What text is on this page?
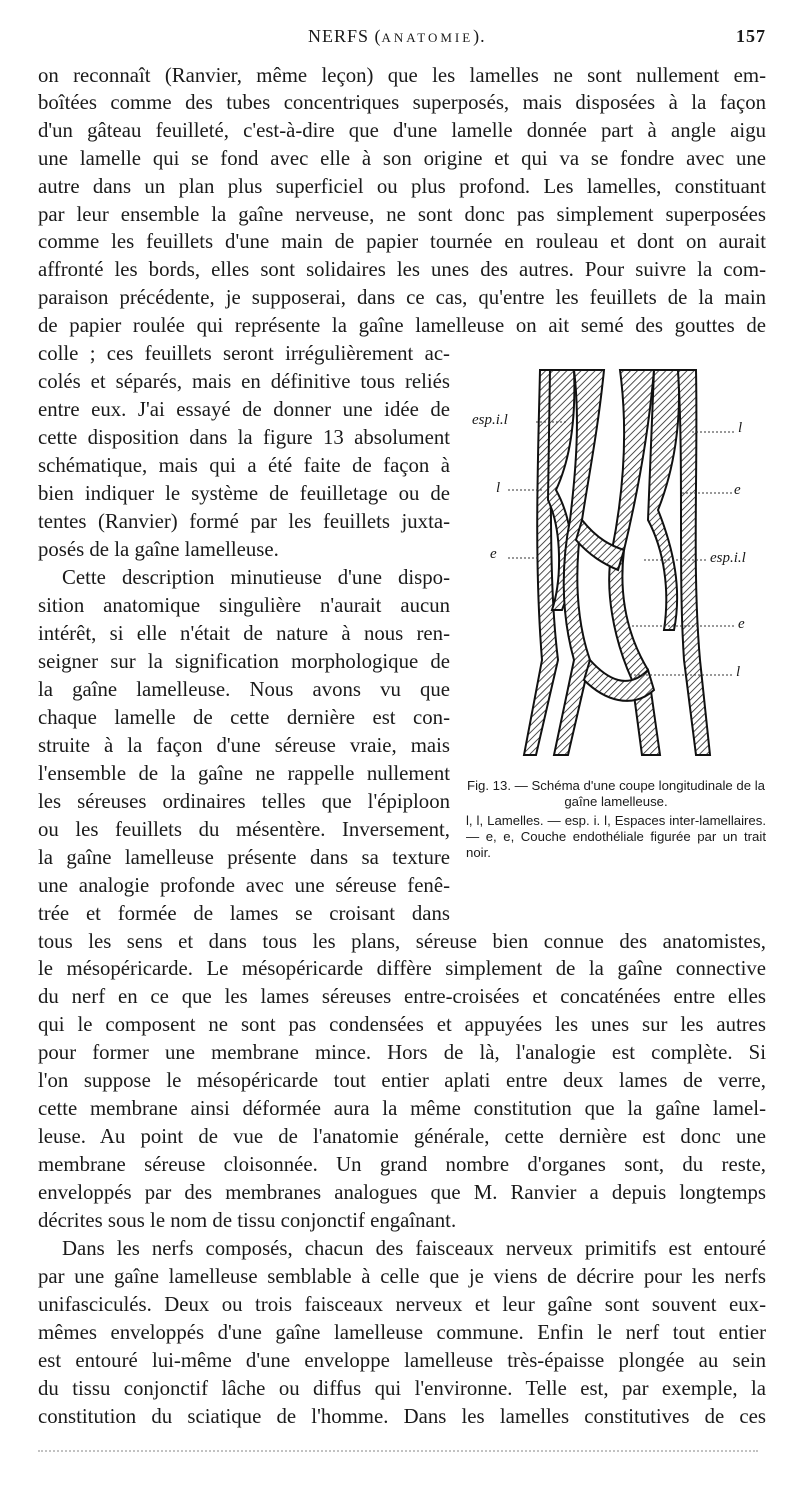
NERFS (ANATOMIE).	157
on reconnaît (Ranvier, même leçon) que les lamelles ne sont nullement em-
boîtées comme des tubes concentriques superposés, mais disposées à la façon
d'un gâteau feuilleté, c'est-à-dire que d'une lamelle donnée part à angle aigu
une lamelle qui se fond avec elle à son origine et qui va se fondre avec une
autre dans un plan plus superficiel ou plus profond. Les lamelles, constituant
par leur ensemble la gaîne nerveuse, ne sont donc pas simplement superposées
comme les feuillets d'une main de papier tournée en rouleau et dont on aurait
affronté les bords, elles sont solidaires les unes des autres. Pour suivre la com-
paraison précédente, je supposerai, dans ce cas, qu'entre les feuillets de la main
de papier roulée qui représente la gaîne lamelleuse on ait semé des gouttes de
colle ; ces feuillets seront irrégulièrement ac-
colés et séparés, mais en définitive tous reliés
entre eux. J'ai essayé de donner une idée de
cette disposition dans la figure 13 absolument
schématique, mais qui a été faite de façon à
bien indiquer le système de feuilletage ou de
tentes (Ranvier) formé par les feuillets juxta-
posés de la gaîne lamelleuse.
Cette description minutieuse d'une dispo-
sition anatomique singulière n'aurait aucun
intérêt, si elle n'était de nature à nous ren-
seigner sur la signification morphologique de
la gaîne lamelleuse. Nous avons vu que
chaque lamelle de cette dernière est con-
struite à la façon d'une séreuse vraie, mais
l'ensemble de la gaîne ne rappelle nullement
les séreuses ordinaires telles que l'épiploon
ou les feuillets du mésentère. Inversement,
la gaîne lamelleuse présente dans sa texture
une analogie profonde avec une séreuse fenê-
trée et formée de lames se croisant dans
tous les sens et dans tous les plans, séreuse bien connue des anatomistes,
le mésopéricarde. Le mésopéricarde diffère simplement de la gaîne connective
du nerf en ce que les lames séreuses entre-croisées et concaténées entre elles
qui le composent ne sont pas condensées et appuyées les unes sur les autres
pour former une membrane mince. Hors de là, l'analogie est complète. Si
l'on suppose le mésopéricarde tout entier aplati entre deux lames de verre,
cette membrane ainsi déformée aura la même constitution que la gaîne lamel-
leuse. Au point de vue de l'anatomie générale, cette dernière est donc une
membrane séreuse cloisonnée. Un grand nombre d'organes sont, du reste,
enveloppés par des membranes analogues que M. Ranvier a depuis longtemps
décrites sous le nom de tissu conjonctif engaînant.
Dans les nerfs composés, chacun des faisceaux nerveux primitifs est entouré
par une gaîne lamelleuse semblable à celle que je viens de décrire pour les nerfs
unifasciculés. Deux ou trois faisceaux nerveux et leur gaîne sont souvent eux-
mêmes enveloppés d'une gaîne lamelleuse commune. Enfin le nerf tout entier
est entouré lui-même d'une enveloppe lamelleuse très-épaisse plongée au sein
du tissu conjonctif lâche ou diffus qui l'environne. Telle est, par exemple, la
constitution du sciatique de l'homme. Dans les lamelles constitutives de ces
esp.i.l
l
e
l
e
esp.i.l
e
l
Fig. 13. — Schéma d'une coupe longitudinale de la gaîne lamelleuse.
l, l, Lamelles. — esp. i. l, Espaces inter-lamellaires. — e, e, Couche endothéliale figurée par un trait noir.
